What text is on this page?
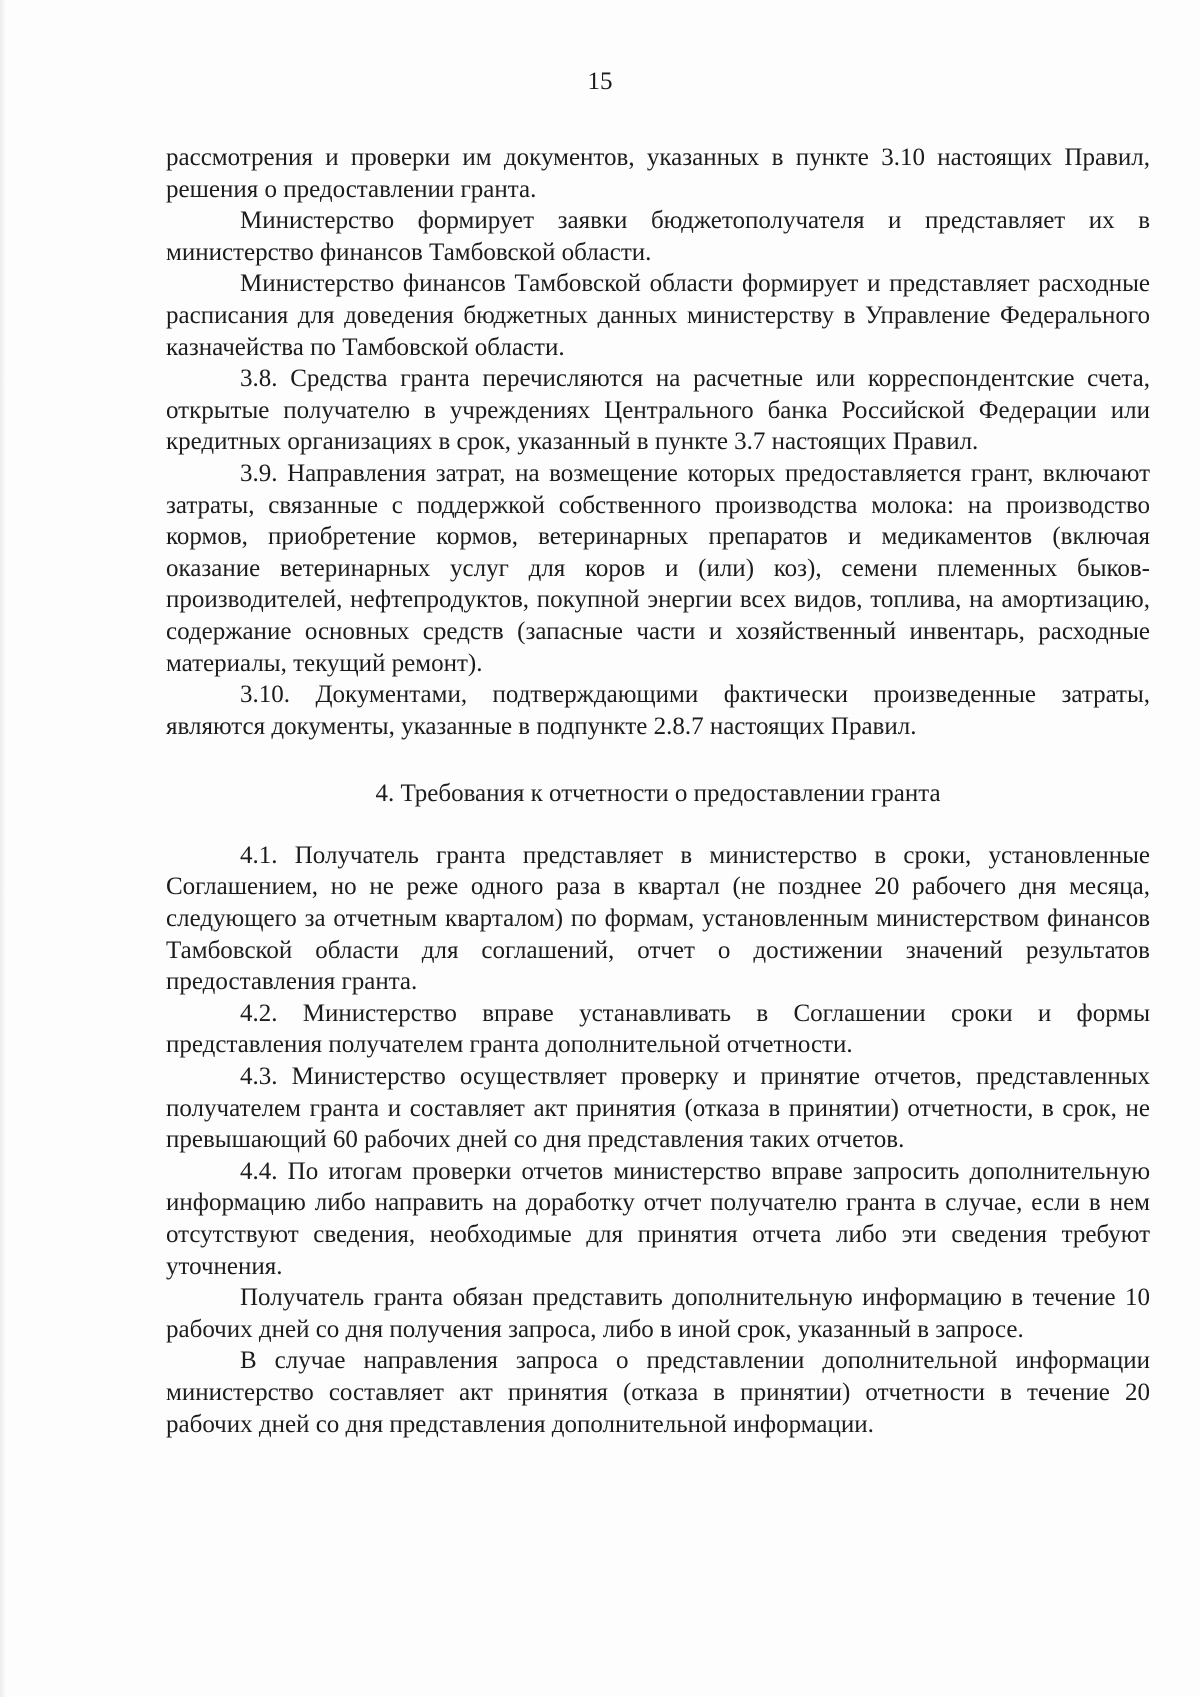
15

рассмотрения и проверки им документов, указанных в пункте 3.10 настоящих Правил, решения о предоставлении гранта.

Министерство формирует заявки бюджетополучателя и представляет их в министерство финансов Тамбовской области.

Министерство финансов Тамбовской области формирует и представляет расходные расписания для доведения бюджетных данных министерству в Управление Федерального казначейства по Тамбовской области.

3.8. Средства гранта перечисляются на расчетные или корреспондентские счета, открытые получателю в учреждениях Центрального банка Российской Федерации или кредитных организациях в срок, указанный в пункте 3.7 настоящих Правил.

3.9. Направления затрат, на возмещение которых предоставляется грант, включают затраты, связанные с поддержкой собственного производства молока: на производство кормов, приобретение кормов, ветеринарных препаратов и медикаментов (включая оказание ветеринарных услуг для коров и (или) коз), семени племенных быков-производителей, нефтепродуктов, покупной энергии всех видов, топлива, на амортизацию, содержание основных средств (запасные части и хозяйственный инвентарь, расходные материалы, текущий ремонт).

3.10. Документами, подтверждающими фактически произведенные затраты, являются документы, указанные в подпункте 2.8.7 настоящих Правил.

4. Требования к отчетности о предоставлении гранта

4.1. Получатель гранта представляет в министерство в сроки, установленные Соглашением, но не реже одного раза в квартал (не позднее 20 рабочего дня месяца, следующего за отчетным кварталом) по формам, установленным министерством финансов Тамбовской области для соглашений, отчет о достижении значений результатов предоставления гранта.

4.2. Министерство вправе устанавливать в Соглашении сроки и формы представления получателем гранта дополнительной отчетности.

4.3. Министерство осуществляет проверку и принятие отчетов, представленных получателем гранта и составляет акт принятия (отказа в принятии) отчетности, в срок, не превышающий 60 рабочих дней со дня представления таких отчетов.

4.4. По итогам проверки отчетов министерство вправе запросить дополнительную информацию либо направить на доработку отчет получателю гранта в случае, если в нем отсутствуют сведения, необходимые для принятия отчета либо эти сведения требуют уточнения.

Получатель гранта обязан представить дополнительную информацию в течение 10 рабочих дней со дня получения запроса, либо в иной срок, указанный в запросе.

В случае направления запроса о представлении дополнительной информации министерство составляет акт принятия (отказа в принятии) отчетности в течение 20 рабочих дней со дня представления дополнительной информации.
